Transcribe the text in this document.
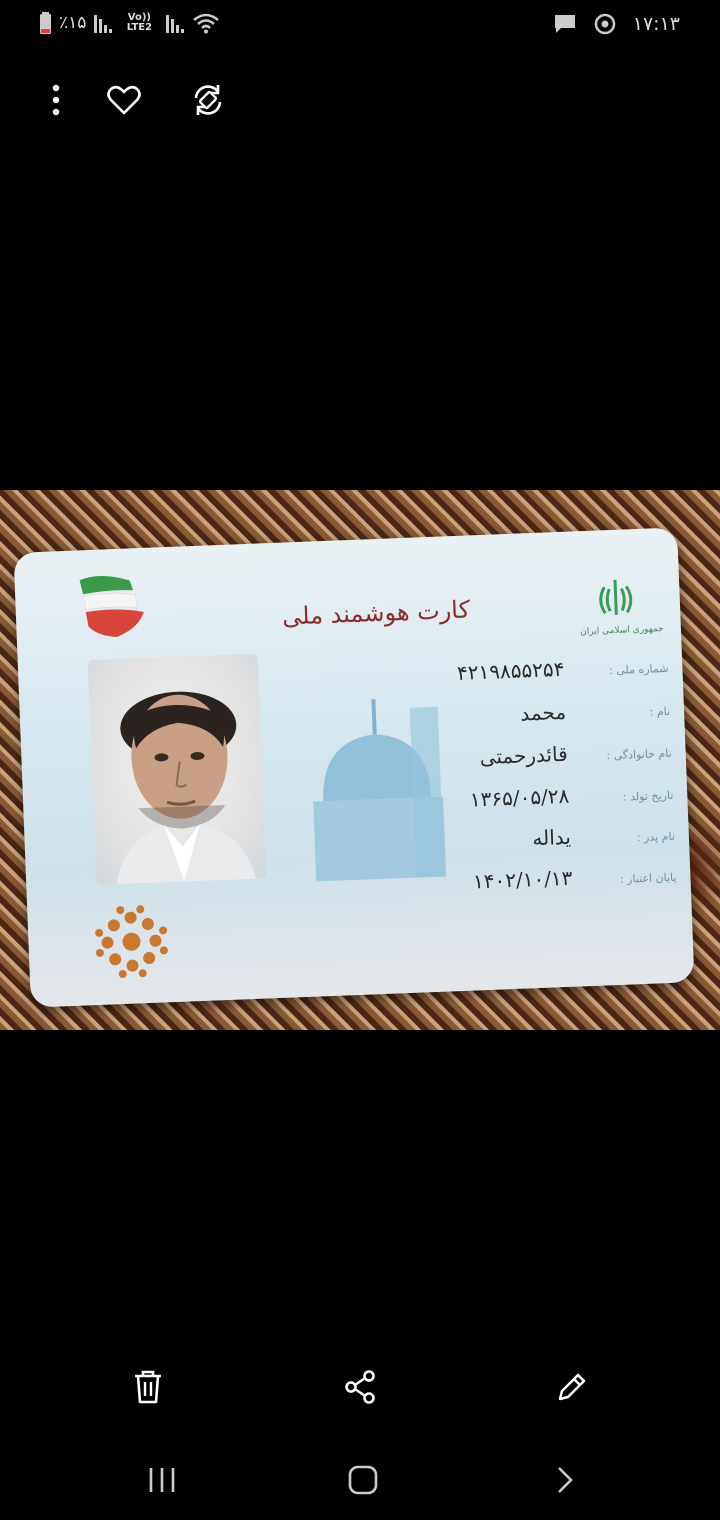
٪۱۵	Vo)) LTE2	۱۷:۱۳
کارت هوشمند ملی	جمهوری اسلامی ایران
شماره ملی :
۴۲۱۹۸۵۵۲۵۴
نام :
محمد
نام خانوادگی :
قائدرحمتی
تاریخ تولد :
۱۳۶۵/۰۵/۲۸
نام پدر :
یداله
پایان اعتبار :
۱۴۰۲/۱۰/۱۳
